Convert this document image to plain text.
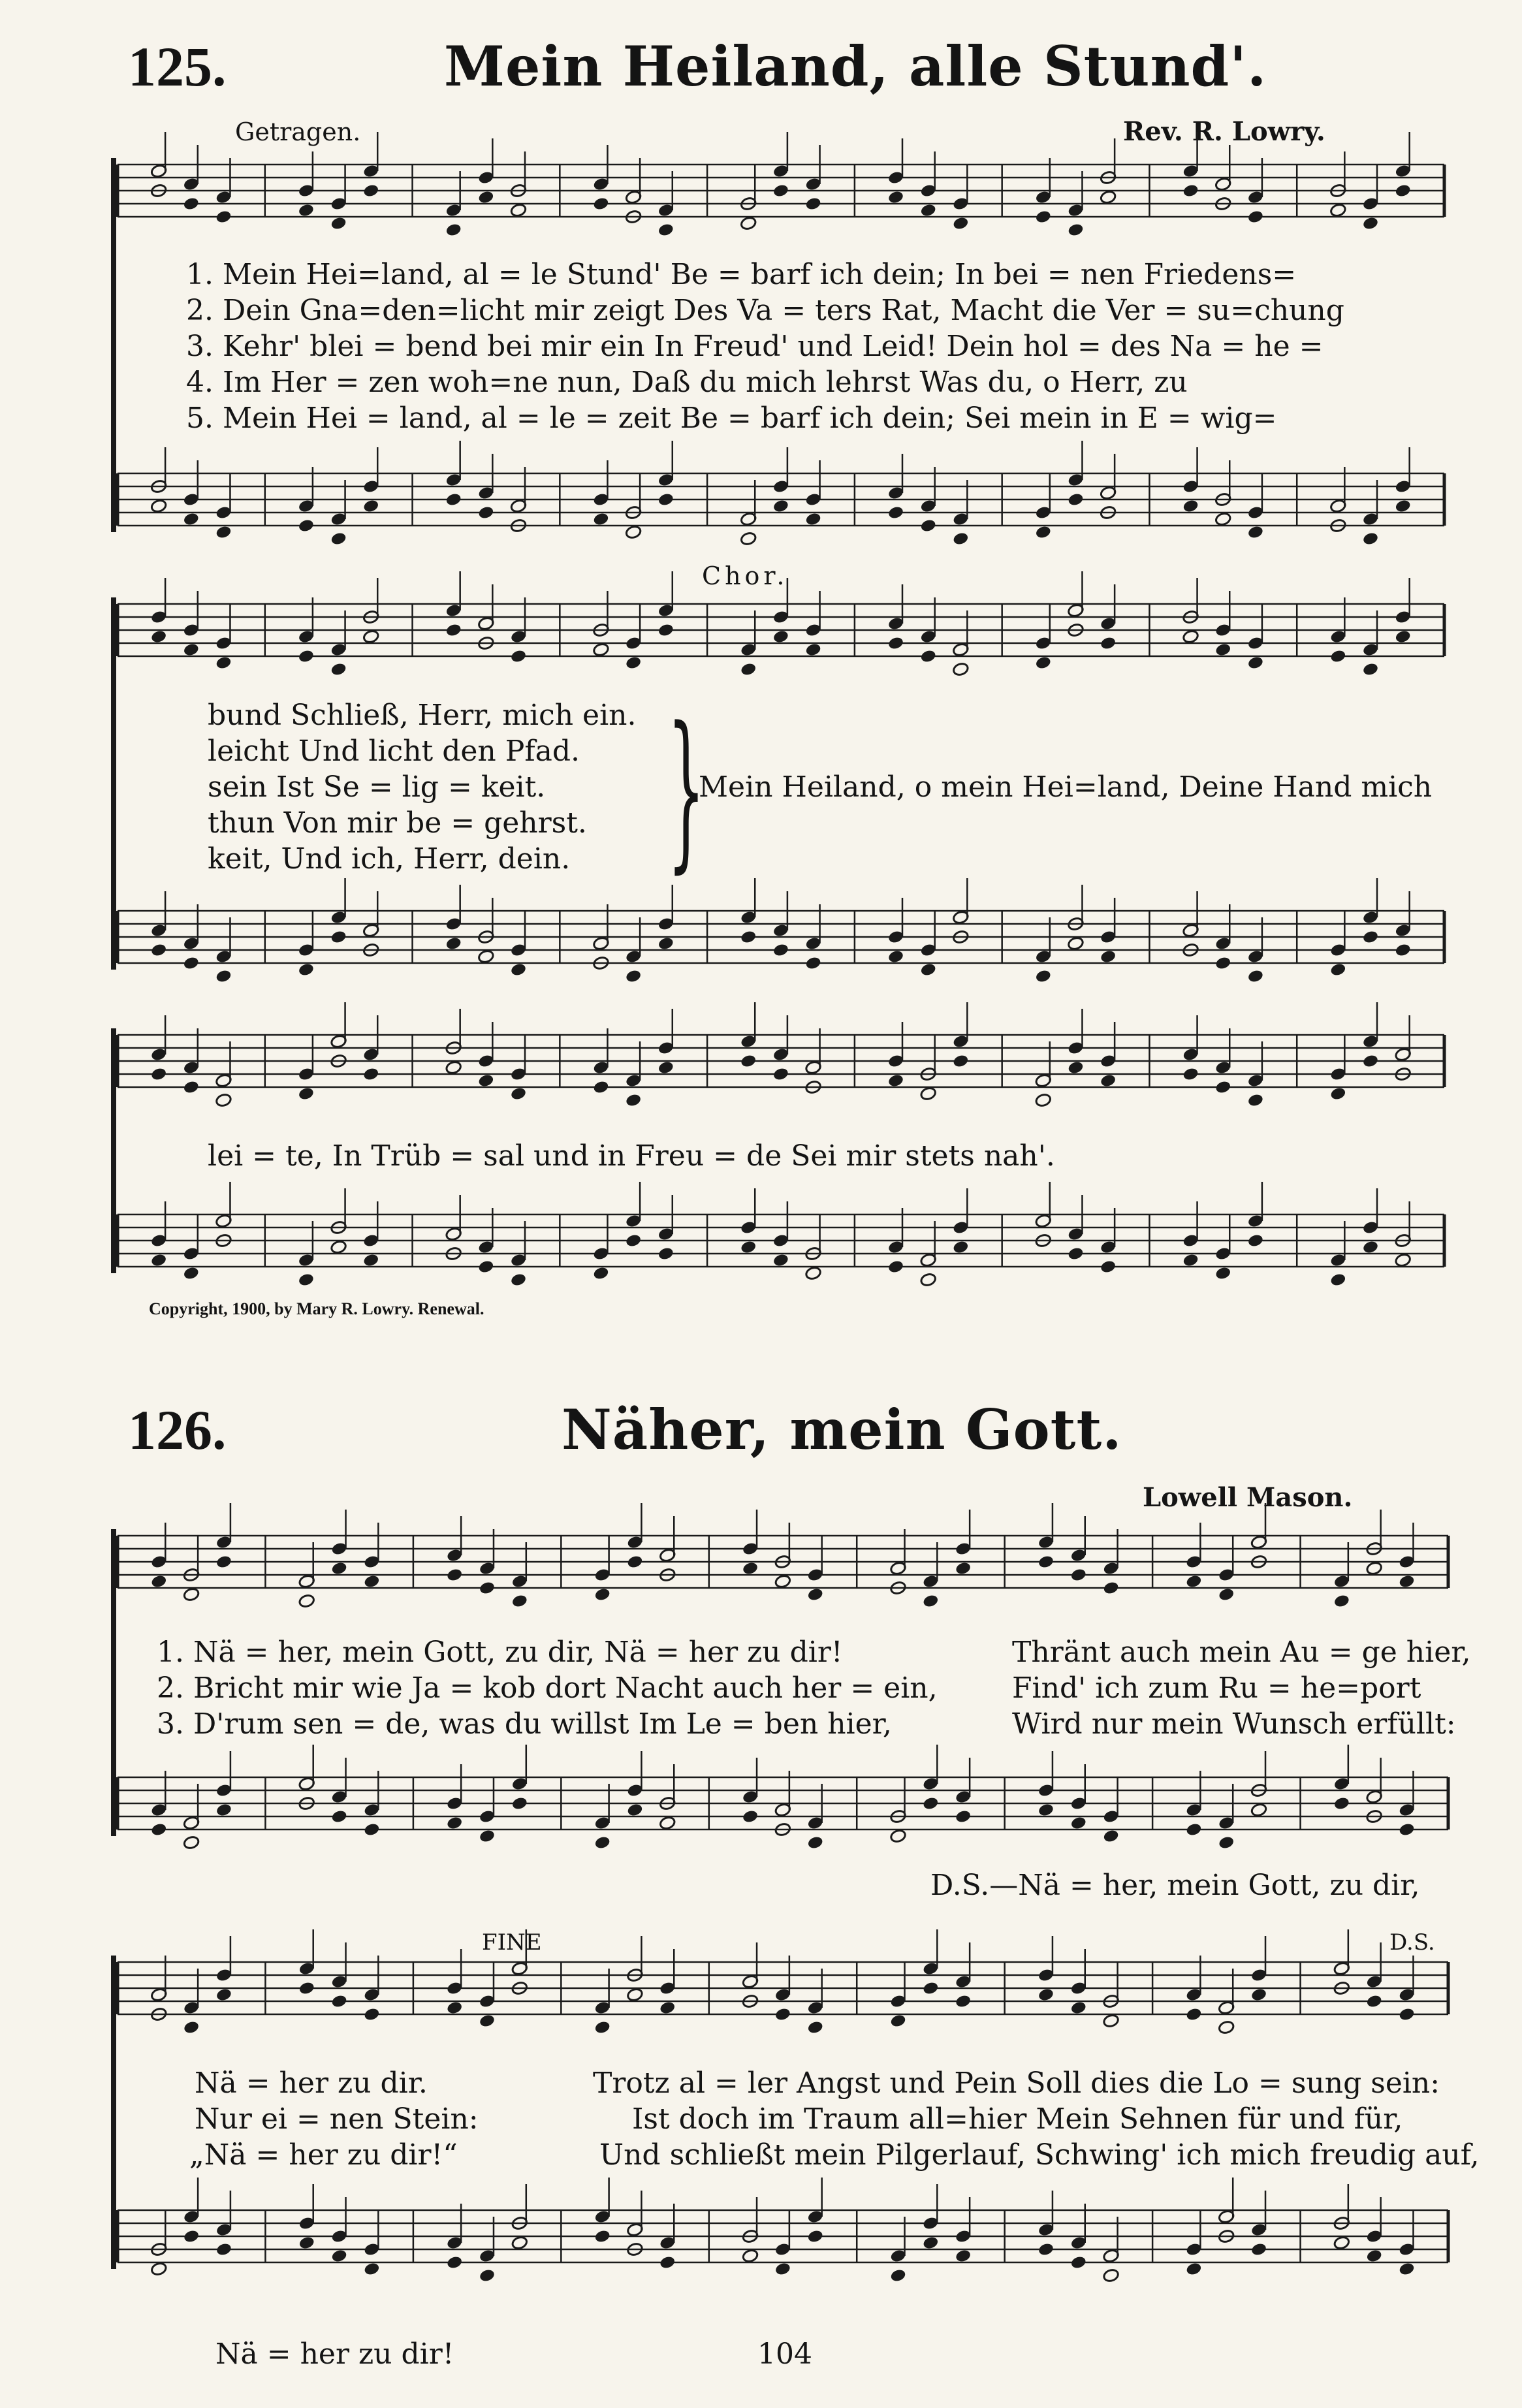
125.	Mein Heiland, alle Stund'.
Getragen.	Rev. R. Lowry.
1. Mein Hei=land, al = le Stund' Be = barf ich dein; In bei = nen Friedens=
2. Dein Gna=den=licht mir zeigt Des Va = ters Rat, Macht die Ver = su=chung
3. Kehr' blei = bend bei mir ein In Freud' und Leid! Dein hol = des Na = he =
4. Im Her = zen woh=ne nun, Daß du mich lehrst Was du, o Herr, zu
5. Mein Hei = land, al = le = zeit Be = barf ich dein; Sei mein in E = wig=
Chor.
bund Schließ, Herr, mich ein.
leicht Und licht den Pfad.
sein Ist Se = lig = keit.
thun Von mir be = gehrst.
keit, Und ich, Herr, dein. }
Mein Heiland, o mein Hei=land, Deine Hand mich
lei = te, In Trüb = sal und in Freu = de Sei mir stets nah'.
Copyright, 1900, by Mary R. Lowry. Renewal.
126.	Näher, mein Gott.
Lowell Mason.
1. Nä = her, mein Gott, zu dir, Nä = her zu dir!
2. Bricht mir wie Ja = kob dort Nacht auch her = ein,
3. D'rum sen = de, was du willst Im Le = ben hier,
Thränt auch mein Au = ge hier,
Find' ich zum Ru = he=port
Wird nur mein Wunsch erfüllt:
D.S.—Nä = her, mein Gott, zu dir,
FINE	D.S.
Nä = her zu dir.
Nur ei = nen Stein:
„Nä = her zu dir!“
Trotz al = ler Angst und Pein Soll dies die Lo = sung sein:
Ist doch im Traum all=hier Mein Sehnen für und für,
Und schließt mein Pilgerlauf, Schwing' ich mich freudig auf,
Nä = her zu dir!	104
